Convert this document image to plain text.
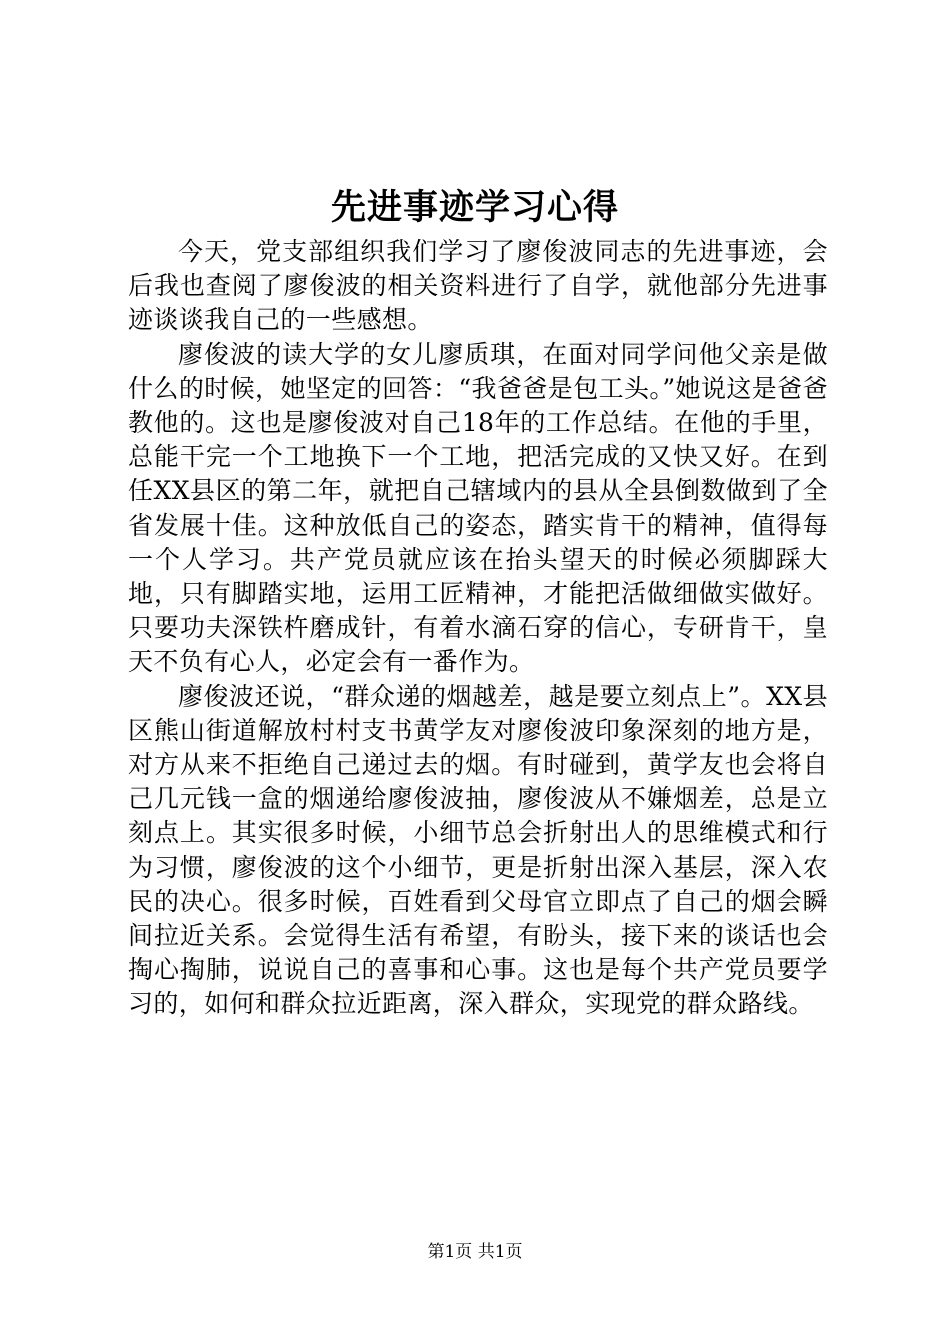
先进事迹学习心得

今天，党支部组织我们学习了廖俊波同志的先进事迹，会后我也查阅了廖俊波的相关资料进行了自学，就他部分先进事迹谈谈我自己的一些感想。

廖俊波的读大学的女儿廖质琪，在面对同学问他父亲是做什么的时候，她坚定的回答：“我爸爸是包工头。”她说这是爸爸教他的。这也是廖俊波对自己18年的工作总结。在他的手里，总能干完一个工地换下一个工地，把活完成的又快又好。在到任XX县区的第二年，就把自己辖域内的县从全县倒数做到了全省发展十佳。这种放低自己的姿态，踏实肯干的精神，值得每一个人学习。共产党员就应该在抬头望天的时候必须脚踩大地，只有脚踏实地，运用工匠精神，才能把活做细做实做好。只要功夫深铁杵磨成针，有着水滴石穿的信心，专研肯干，皇天不负有心人，必定会有一番作为。

廖俊波还说，“群众递的烟越差，越是要立刻点上”。XX县区熊山街道解放村村支书黄学友对廖俊波印象深刻的地方是，对方从来不拒绝自己递过去的烟。有时碰到，黄学友也会将自己几元钱一盒的烟递给廖俊波抽，廖俊波从不嫌烟差，总是立刻点上。其实很多时候，小细节总会折射出人的思维模式和行为习惯，廖俊波的这个小细节，更是折射出深入基层，深入农民的决心。很多时候，百姓看到父母官立即点了自己的烟会瞬间拉近关系。会觉得生活有希望，有盼头，接下来的谈话也会掏心掏肺，说说自己的喜事和心事。这也是每个共产党员要学习的，如何和群众拉近距离，深入群众，实现党的群众路线。

第1页 共1页
